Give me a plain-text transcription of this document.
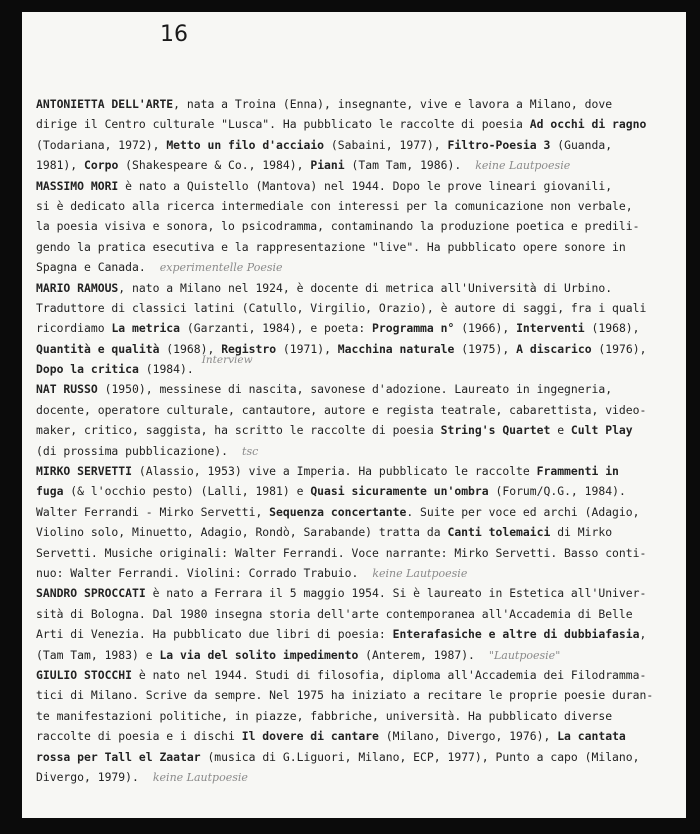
16
ANTONIETTA DELL'ARTE, nata a Troina (Enna), insegnante, vive e lavora a Milano, dove
dirige il Centro culturale "Lusca". Ha pubblicato le raccolte di poesia Ad occhi di ragno
(Todariana, 1972), Metto un filo d'acciaio (Sabaini, 1977), Filtro-Poesia 3 (Guanda,
1981), Corpo (Shakespeare & Co., 1984), Piani (Tam Tam, 1986). keine Lautpoesie
MASSIMO MORI è nato a Quistello (Mantova) nel 1944. Dopo le prove lineari giovanili,
si è dedicato alla ricerca intermediale con interessi per la comunicazione non verbale,
la poesia visiva e sonora, lo psicodramma, contaminando la produzione poetica e predili-
gendo la pratica esecutiva e la rappresentazione "live". Ha pubblicato opere sonore in
Spagna e Canada. experimentelle Poesie
MARIO RAMOUS, nato a Milano nel 1924, è docente di metrica all'Università di Urbino.
Traduttore di classici latini (Catullo, Virgilio, Orazio), è autore di saggi, fra i quali
ricordiamo La metrica (Garzanti, 1984), e poeta: Programma n° (1966), Interventi (1968),
Quantità e qualità (1968), Registro (1971), Macchina naturale (1975), A discarico (1976),
Dopo la critica (1984).Interview
NAT RUSSO (1950), messinese di nascita, savonese d'adozione. Laureato in ingegneria,
docente, operatore culturale, cantautore, autore e regista teatrale, cabarettista, video-
maker, critico, saggista, ha scritto le raccolte di poesia String's Quartet e Cult Play
(di prossima pubblicazione). tsc
MIRKO SERVETTI (Alassio, 1953) vive a Imperia. Ha pubblicato le raccolte Frammenti in
fuga (& l'occhio pesto) (Lalli, 1981) e Quasi sicuramente un'ombra (Forum/Q.G., 1984).
Walter Ferrandi - Mirko Servetti, Sequenza concertante. Suite per voce ed archi (Adagio,
Violino solo, Minuetto, Adagio, Rondò, Sarabande) tratta da Canti tolemaici di Mirko
Servetti. Musiche originali: Walter Ferrandi. Voce narrante: Mirko Servetti. Basso conti-
nuo: Walter Ferrandi. Violini: Corrado Trabuio. keine Lautpoesie
SANDRO SPROCCATI è nato a Ferrara il 5 maggio 1954. Si è laureato in Estetica all'Univer-
sità di Bologna. Dal 1980 insegna storia dell'arte contemporanea all'Accademia di Belle
Arti di Venezia. Ha pubblicato due libri di poesia: Enterafasiche e altre di dubbiafasia,
(Tam Tam, 1983) e La via del solito impedimento (Anterem, 1987). "Lautpoesie"
GIULIO STOCCHI è nato nel 1944. Studi di filosofia, diploma all'Accademia dei Filodramma-
tici di Milano. Scrive da sempre. Nel 1975 ha iniziato a recitare le proprie poesie duran-
te manifestazioni politiche, in piazze, fabbriche, università. Ha pubblicato diverse
raccolte di poesia e i dischi Il dovere di cantare (Milano, Divergo, 1976), La cantata
rossa per Tall el Zaatar (musica di G.Liguori, Milano, ECP, 1977), Punto a capo (Milano,
Divergo, 1979). keine Lautpoesie
